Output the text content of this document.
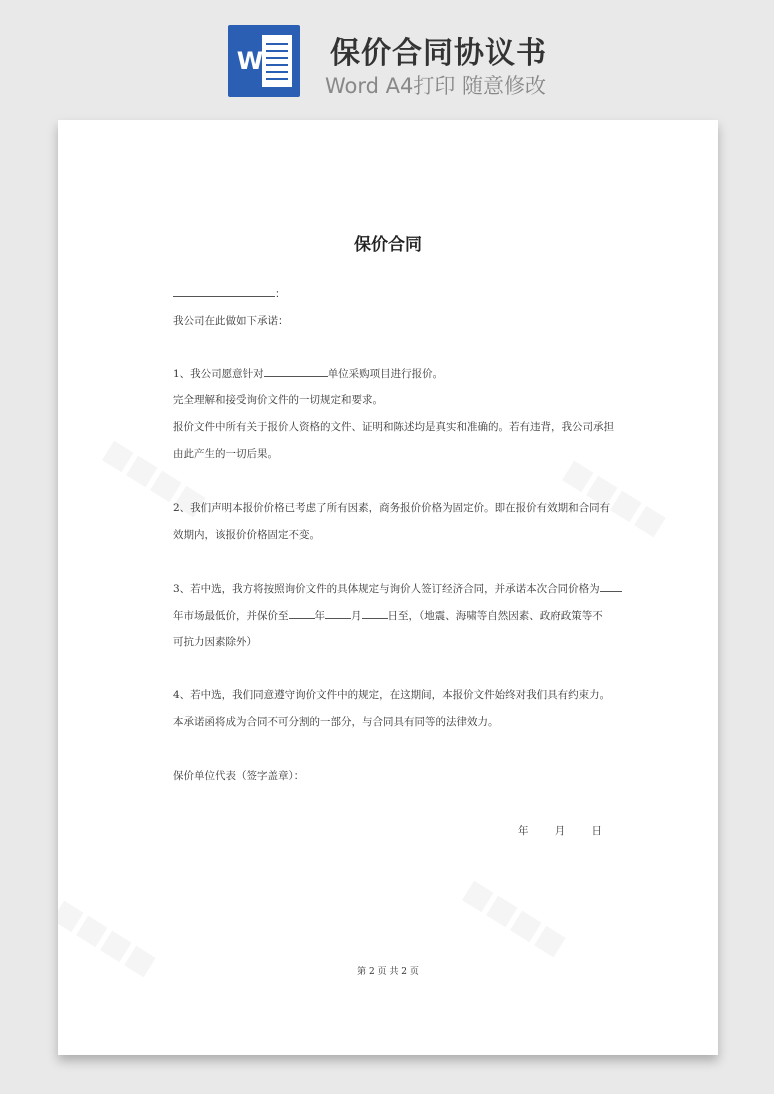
W 保价合同协议书
Word A4打印 随意修改
保价合同
：
我公司在此做如下承诺：
1、我公司愿意针对	单位采购项目进行报价。
完全理解和接受询价文件的一切规定和要求。
报价文件中所有关于报价人资格的文件、证明和陈述均是真实和准确的。若有违背，我公司承担
由此产生的一切后果。
2、我们声明本报价价格已考虑了所有因素，商务报价价格为固定价。即在报价有效期和合同有
效期内，该报价价格固定不变。
3、若中选，我方将按照询价文件的具体规定与询价人签订经济合同，并承诺本次合同价格为
年市场最低价，并保价至 年 月 日至，（地震、海啸等自然因素、政府政策等不
可抗力因素除外）
4、若中选，我们同意遵守询价文件中的规定，在这期间，本报价文件始终对我们具有约束力。
本承诺函将成为合同不可分割的一部分，与合同具有同等的法律效力。
保价单位代表（签字盖章）：
年	月	日
第 2 页 共 2 页
